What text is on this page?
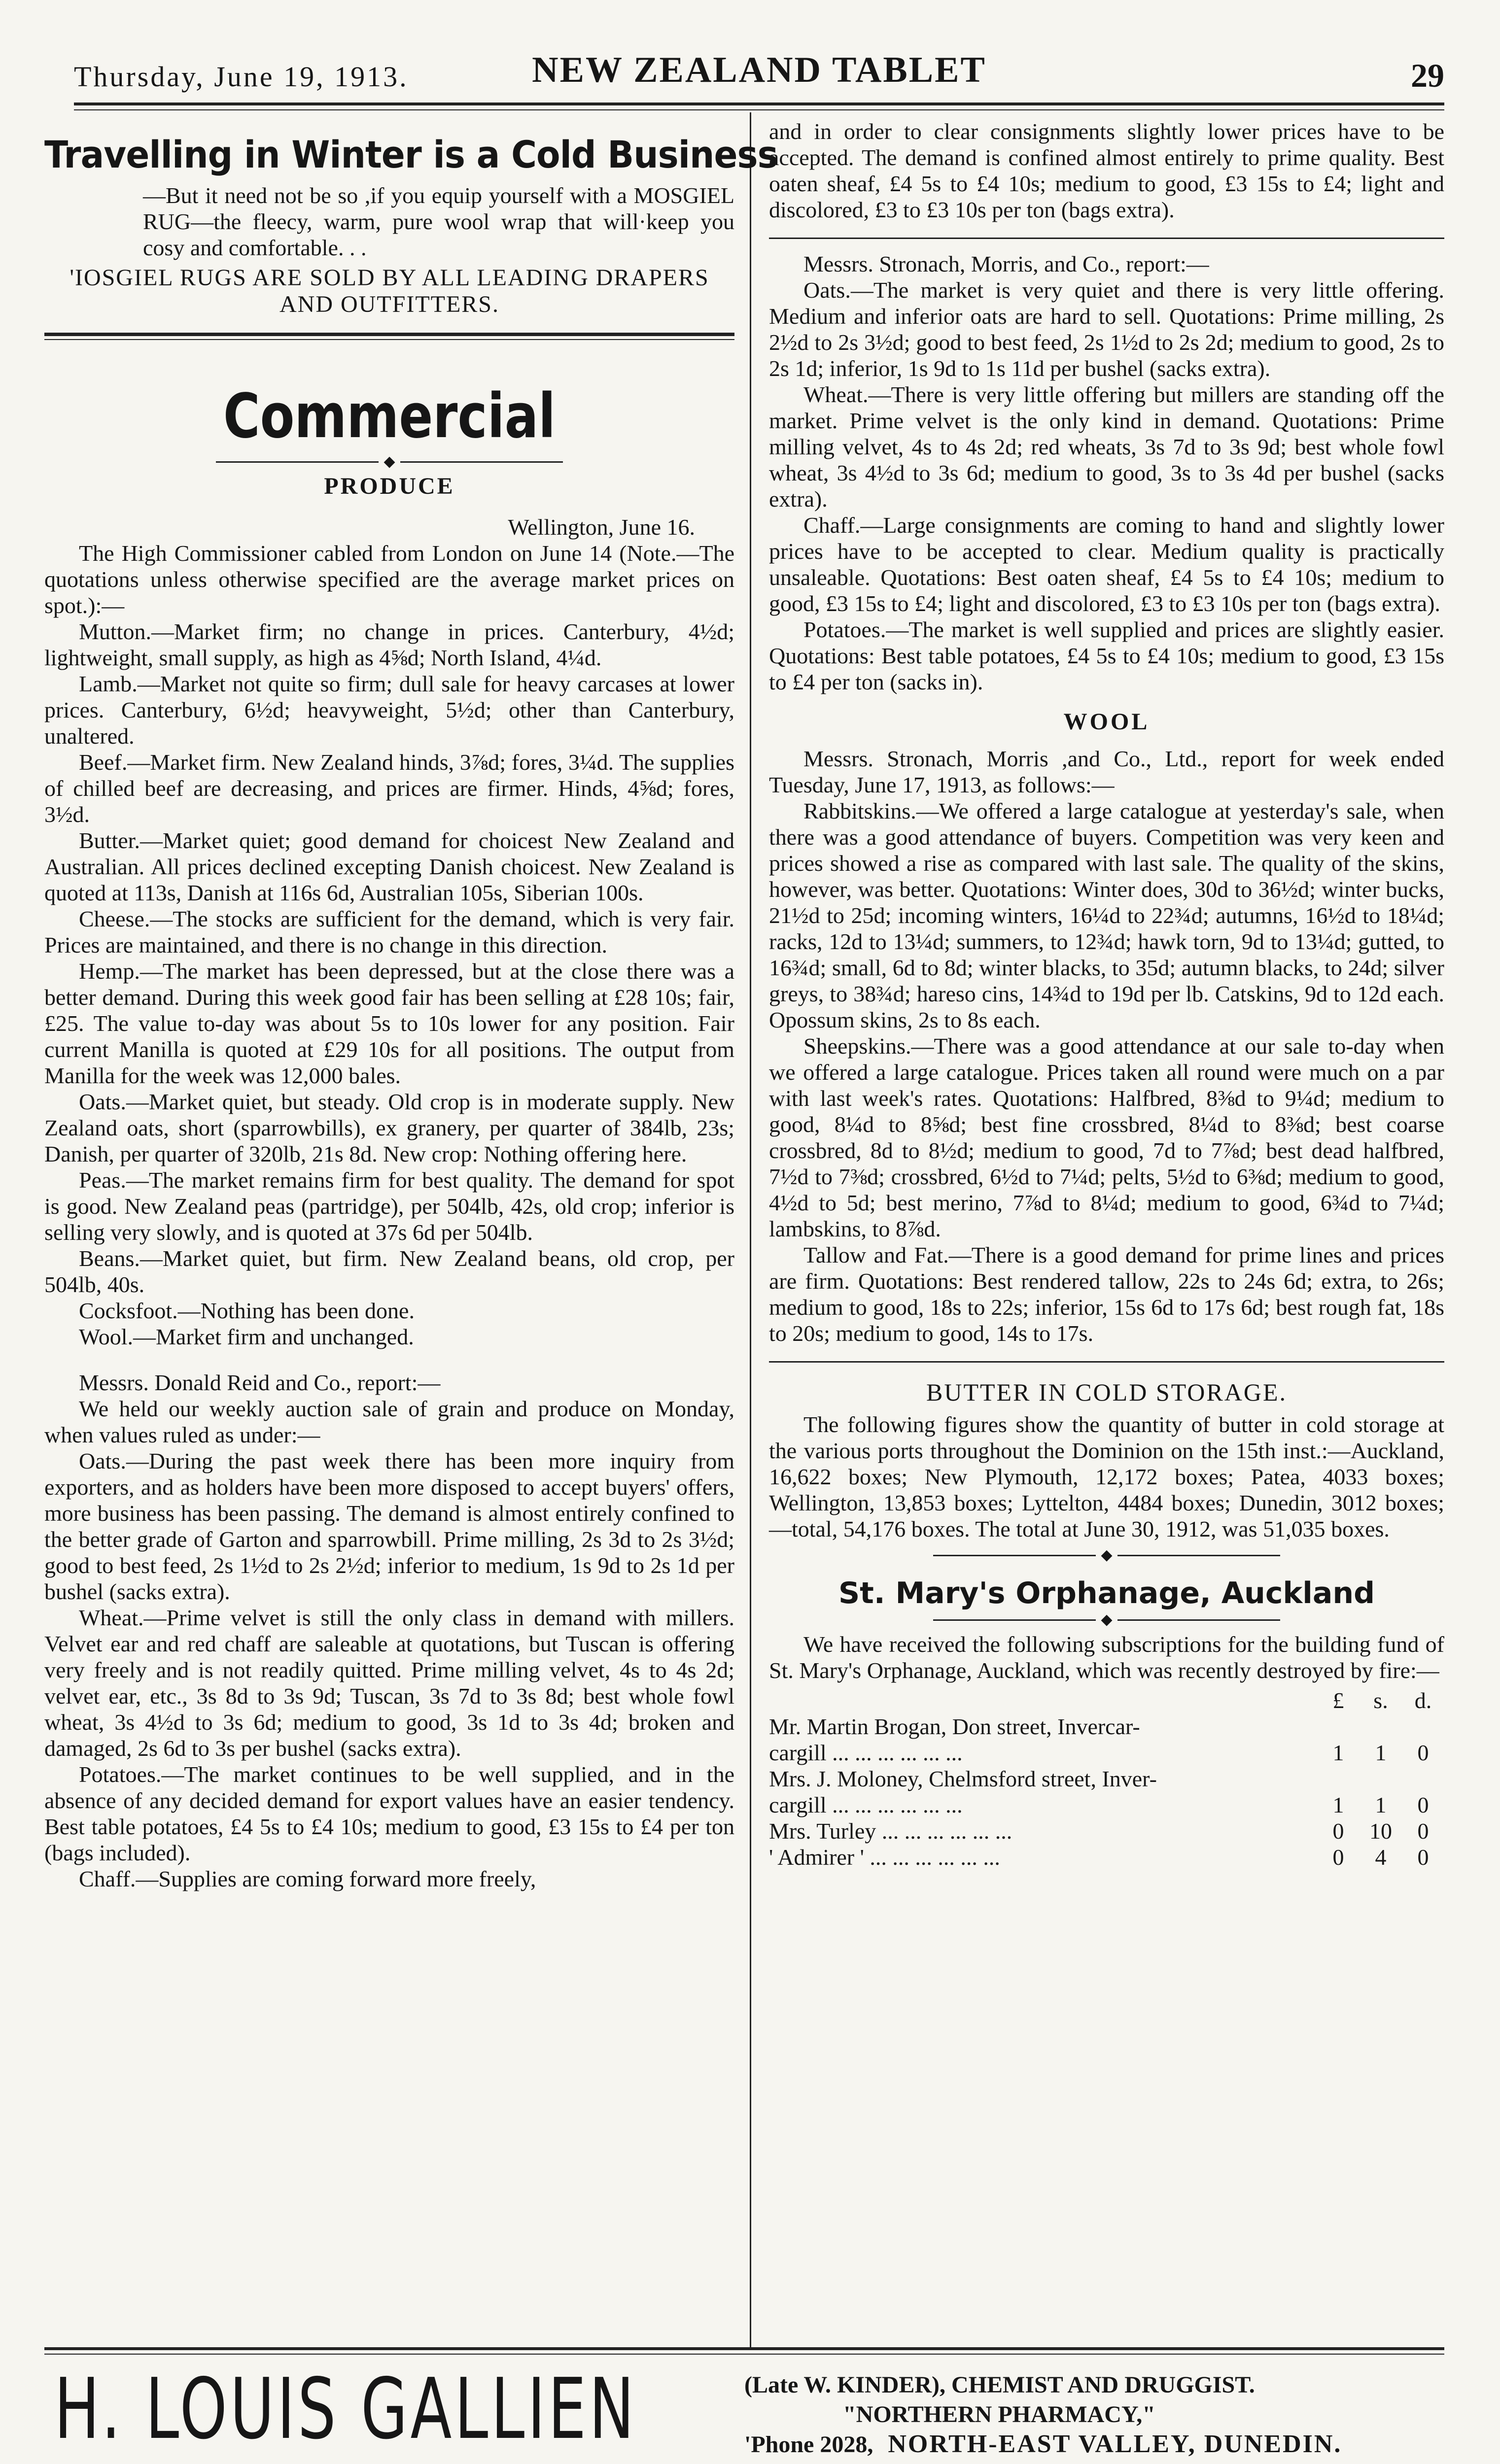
Thursday, June 19, 1913.	NEW ZEALAND TABLET	29
Travelling in Winter is a Cold Business
—But it need not be so ,if you equip yourself with a MOSGIEL RUG—the fleecy, warm, pure wool wrap that will·keep you cosy and comfortable. . .
'IOSGIEL RUGS ARE SOLD BY ALL LEADING DRAPERS AND OUTFITTERS.
Commercial
◆
PRODUCE
Wellington, June 16.

The High Commissioner cabled from London on June 14 (Note.—The quotations unless otherwise specified are the average market prices on spot.):—

Mutton.—Market firm; no change in prices. Canterbury, 4½d; lightweight, small supply, as high as 4⅝d; North Island, 4¼d.

Lamb.—Market not quite so firm; dull sale for heavy carcases at lower prices. Canterbury, 6½d; heavyweight, 5½d; other than Canterbury, unaltered.

Beef.—Market firm. New Zealand hinds, 3⅞d; fores, 3¼d. The supplies of chilled beef are decreasing, and prices are firmer. Hinds, 4⅝d; fores, 3½d.

Butter.—Market quiet; good demand for choicest New Zealand and Australian. All prices declined excepting Danish choicest. New Zealand is quoted at 113s, Danish at 116s 6d, Australian 105s, Siberian 100s.

Cheese.—The stocks are sufficient for the demand, which is very fair. Prices are maintained, and there is no change in this direction.

Hemp.—The market has been depressed, but at the close there was a better demand. During this week good fair has been selling at £28 10s; fair, £25. The value to-day was about 5s to 10s lower for any position. Fair current Manilla is quoted at £29 10s for all positions. The output from Manilla for the week was 12,000 bales.

Oats.—Market quiet, but steady. Old crop is in moderate supply. New Zealand oats, short (sparrowbills), ex granery, per quarter of 384lb, 23s; Danish, per quarter of 320lb, 21s 8d. New crop: Nothing offering here.

Peas.—The market remains firm for best quality. The demand for spot is good. New Zealand peas (partridge), per 504lb, 42s, old crop; inferior is selling very slowly, and is quoted at 37s 6d per 504lb.

Beans.—Market quiet, but firm. New Zealand beans, old crop, per 504lb, 40s.

Cocksfoot.—Nothing has been done.

Wool.—Market firm and unchanged.

Messrs. Donald Reid and Co., report:—

We held our weekly auction sale of grain and produce on Monday, when values ruled as under:—

Oats.—During the past week there has been more inquiry from exporters, and as holders have been more disposed to accept buyers' offers, more business has been passing. The demand is almost entirely confined to the better grade of Garton and sparrowbill. Prime milling, 2s 3d to 2s 3½d; good to best feed, 2s 1½d to 2s 2½d; inferior to medium, 1s 9d to 2s 1d per bushel (sacks extra).

Wheat.—Prime velvet is still the only class in demand with millers. Velvet ear and red chaff are saleable at quotations, but Tuscan is offering very freely and is not readily quitted. Prime milling velvet, 4s to 4s 2d; velvet ear, etc., 3s 8d to 3s 9d; Tuscan, 3s 7d to 3s 8d; best whole fowl wheat, 3s 4½d to 3s 6d; medium to good, 3s 1d to 3s 4d; broken and damaged, 2s 6d to 3s per bushel (sacks extra).

Potatoes.—The market continues to be well supplied, and in the absence of any decided demand for export values have an easier tendency. Best table potatoes, £4 5s to £4 10s; medium to good, £3 15s to £4 per ton (bags included).

Chaff.—Supplies are coming forward more freely,

and in order to clear consignments slightly lower prices have to be accepted. The demand is confined almost entirely to prime quality. Best oaten sheaf, £4 5s to £4 10s; medium to good, £3 15s to £4; light and discolored, £3 to £3 10s per ton (bags extra).

Messrs. Stronach, Morris, and Co., report:—

Oats.—The market is very quiet and there is very little offering. Medium and inferior oats are hard to sell. Quotations: Prime milling, 2s 2½d to 2s 3½d; good to best feed, 2s 1½d to 2s 2d; medium to good, 2s to 2s 1d; inferior, 1s 9d to 1s 11d per bushel (sacks extra).

Wheat.—There is very little offering but millers are standing off the market. Prime velvet is the only kind in demand. Quotations: Prime milling velvet, 4s to 4s 2d; red wheats, 3s 7d to 3s 9d; best whole fowl wheat, 3s 4½d to 3s 6d; medium to good, 3s to 3s 4d per bushel (sacks extra).

Chaff.—Large consignments are coming to hand and slightly lower prices have to be accepted to clear. Medium quality is practically unsaleable. Quotations: Best oaten sheaf, £4 5s to £4 10s; medium to good, £3 15s to £4; light and discolored, £3 to £3 10s per ton (bags extra).

Potatoes.—The market is well supplied and prices are slightly easier. Quotations: Best table potatoes, £4 5s to £4 10s; medium to good, £3 15s to £4 per ton (sacks in).

WOOL

Messrs. Stronach, Morris ,and Co., Ltd., report for week ended Tuesday, June 17, 1913, as follows:—

Rabbitskins.—We offered a large catalogue at yesterday's sale, when there was a good attendance of buyers. Competition was very keen and prices showed a rise as compared with last sale. The quality of the skins, however, was better. Quotations: Winter does, 30d to 36½d; winter bucks, 21½d to 25d; incoming winters, 16¼d to 22¾d; autumns, 16½d to 18¼d; racks, 12d to 13¼d; summers, to 12¾d; hawk torn, 9d to 13¼d; gutted, to 16¾d; small, 6d to 8d; winter blacks, to 35d; autumn blacks, to 24d; silver greys, to 38¾d; hareso cins, 14¾d to 19d per lb. Catskins, 9d to 12d each. Opossum skins, 2s to 8s each.

Sheepskins.—There was a good attendance at our sale to-day when we offered a large catalogue. Prices taken all round were much on a par with last week's rates. Quotations: Halfbred, 8⅜d to 9¼d; medium to good, 8¼d to 8⅝d; best fine crossbred, 8¼d to 8⅜d; best coarse crossbred, 8d to 8½d; medium to good, 7d to 7⅞d; best dead halfbred, 7½d to 7⅜d; crossbred, 6½d to 7¼d; pelts, 5½d to 6⅜d; medium to good, 4½d to 5d; best merino, 7⅞d to 8¼d; medium to good, 6¾d to 7¼d; lambskins, to 8⅞d.

Tallow and Fat.—There is a good demand for prime lines and prices are firm. Quotations: Best rendered tallow, 22s to 24s 6d; extra, to 26s; medium to good, 18s to 22s; inferior, 15s 6d to 17s 6d; best rough fat, 18s to 20s; medium to good, 14s to 17s.

BUTTER IN COLD STORAGE.

The following figures show the quantity of butter in cold storage at the various ports throughout the Dominion on the 15th inst.:—Auckland, 16,622 boxes; New Plymouth, 12,172 boxes; Patea, 4033 boxes; Wellington, 13,853 boxes; Lyttelton, 4484 boxes; Dunedin, 3012 boxes;—total, 54,176 boxes. The total at June 30, 1912, was 51,035 boxes.

◆
St. Mary's Orphanage, Auckland
◆

We have received the following subscriptions for the building fund of St. Mary's Orphanage, Auckland, which was recently destroyed by fire:—

	£	s.	d.
Mr. Martin Brogan, Don street, Invercar-			
cargill ... ... ... ... ... ...	1	1	0
Mrs. J. Moloney, Chelmsford street, Inver-			
cargill ... ... ... ... ... ...	1	1	0
Mrs. Turley ... ... ... ... ... ...	0	10	0
' Admirer ' ... ... ... ... ... ...	0	4	0
H. LOUIS GALLIEN	(Late W. KINDER), CHEMIST AND DRUGGIST.
"NORTHERN PHARMACY,"
'Phone 2028, NORTH-EAST VALLEY, DUNEDIN.
